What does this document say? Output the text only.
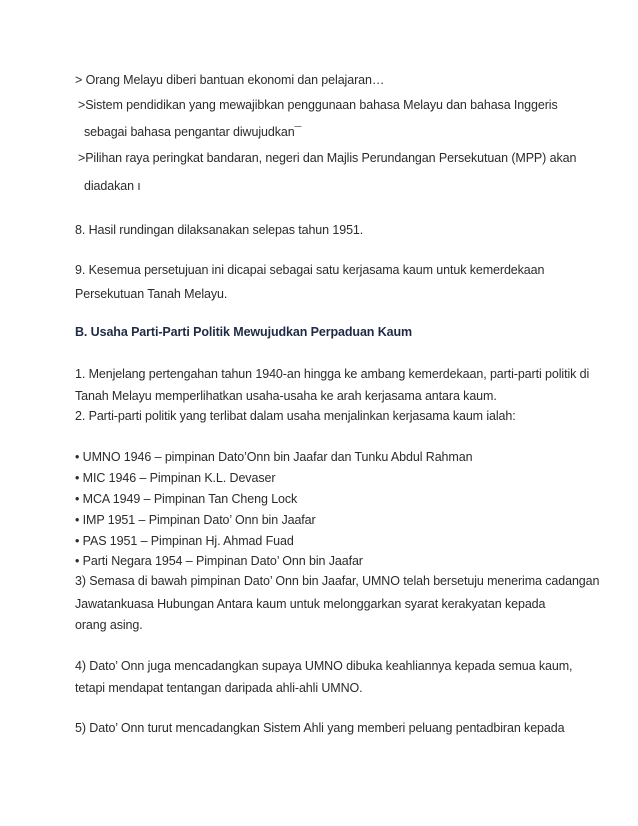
> Orang Melayu diberi bantuan ekonomi dan pelajaran…
>Sistem pendidikan yang mewajibkan penggunaan bahasa Melayu dan bahasa Inggeris
sebagai bahasa pengantar diwujudkan¯
>Pilihan raya peringkat bandaran, negeri dan Majlis Perundangan Persekutuan (MPP) akan
diadakan ı
8. Hasil rundingan dilaksanakan selepas tahun 1951.
9. Kesemua persetujuan ini dicapai sebagai satu kerjasama kaum untuk kemerdekaan
Persekutuan Tanah Melayu.
B. Usaha Parti-Parti Politik Mewujudkan Perpaduan Kaum
1. Menjelang pertengahan tahun 1940-an hingga ke ambang kemerdekaan, parti-parti politik di
Tanah Melayu memperlihatkan usaha-usaha ke arah kerjasama antara kaum.
2. Parti-parti politik yang terlibat dalam usaha menjalinkan kerjasama kaum ialah:
• UMNO 1946 – pimpinan Dato’Onn bin Jaafar dan Tunku Abdul Rahman
• MIC 1946 – Pimpinan K.L. Devaser
• MCA 1949 – Pimpinan Tan Cheng Lock
• IMP 1951 – Pimpinan Dato’ Onn bin Jaafar
• PAS 1951 – Pimpinan Hj. Ahmad Fuad
• Parti Negara 1954 – Pimpinan Dato’ Onn bin Jaafar
3) Semasa di bawah pimpinan Dato’ Onn bin Jaafar, UMNO telah bersetuju menerima cadangan
Jawatankuasa Hubungan Antara kaum untuk melonggarkan syarat kerakyatan kepada
orang asing.
4) Dato’ Onn juga mencadangkan supaya UMNO dibuka keahliannya kepada semua kaum,
tetapi mendapat tentangan daripada ahli-ahli UMNO.
5) Dato’ Onn turut mencadangkan Sistem Ahli yang memberi peluang pentadbiran kepada
